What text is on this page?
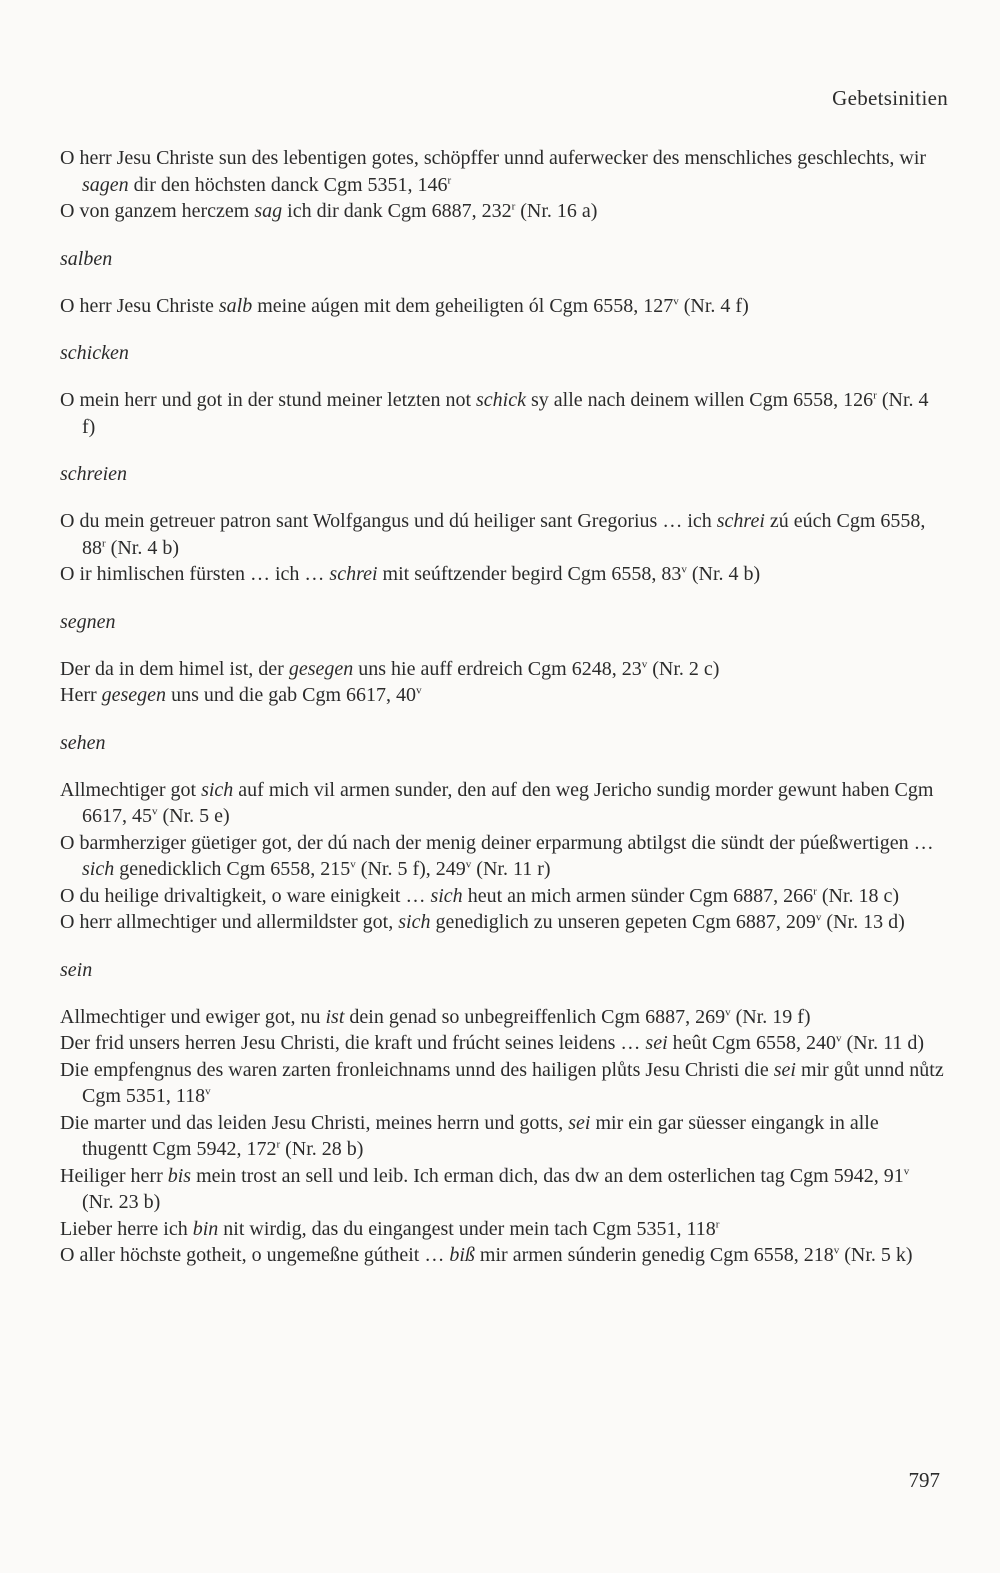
Gebetsinitien

O herr Jesu Christe sun des lebentigen gotes, schöpffer unnd auferwecker des menschliches geschlechts, wir sagen dir den höchsten danck Cgm 5351, 146$^r$

O von ganzem herczem sag ich dir dank Cgm 6887, 232$^r$ (Nr. 16 a)

salben

O herr Jesu Christe salb meine aúgen mit dem geheiligten ól Cgm 6558, 127$^v$ (Nr. 4 f)

schicken

O mein herr und got in der stund meiner letzten not schick sy alle nach deinem willen Cgm 6558, 126$^r$ (Nr. 4 f)

schreien

O du mein getreuer patron sant Wolfgangus und dú heiliger sant Gregorius … ich schrei zú eúch Cgm 6558, 88$^r$ (Nr. 4 b)

O ir himlischen fürsten … ich … schrei mit seúftzender begird Cgm 6558, 83$^v$ (Nr. 4 b)

segnen

Der da in dem himel ist, der gesegen uns hie auff erdreich Cgm 6248, 23$^v$ (Nr. 2 c)

Herr gesegen uns und die gab Cgm 6617, 40$^v$

sehen

Allmechtiger got sich auf mich vil armen sunder, den auf den weg Jericho sundig morder gewunt haben Cgm 6617, 45$^v$ (Nr. 5 e)

O barmherziger güetiger got, der dú nach der menig deiner erparmung abtilgst die sündt der púeßwertigen … sich genedicklich Cgm 6558, 215$^v$ (Nr. 5 f), 249$^v$ (Nr. 11 r)

O du heilige drivaltigkeit, o ware einigkeit … sich heut an mich armen sünder Cgm 6887, 266$^r$ (Nr. 18 c)

O herr allmechtiger und allermildster got, sich genediglich zu unseren gepeten Cgm 6887, 209$^v$ (Nr. 13 d)

sein

Allmechtiger und ewiger got, nu ist dein genad so unbegreiffenlich Cgm 6887, 269$^v$ (Nr. 19 f)

Der frid unsers herren Jesu Christi, die kraft und frúcht seines leidens … sei heût Cgm 6558, 240$^v$ (Nr. 11 d)

Die empfengnus des waren zarten fronleichnams unnd des hailigen plůts Jesu Christi die sei mir gůt unnd nůtz Cgm 5351, 118$^v$

Die marter und das leiden Jesu Christi, meines herrn und gotts, sei mir ein gar süesser eingangk in alle thugentt Cgm 5942, 172$^r$ (Nr. 28 b)

Heiliger herr bis mein trost an sell und leib. Ich erman dich, das dw an dem osterlichen tag Cgm 5942, 91$^v$ (Nr. 23 b)

Lieber herre ich bin nit wirdig, das du eingangest under mein tach Cgm 5351, 118$^r$

O aller höchste gotheit, o ungemeßne gútheit … biß mir armen súnderin genedig Cgm 6558, 218$^v$ (Nr. 5 k)

797
